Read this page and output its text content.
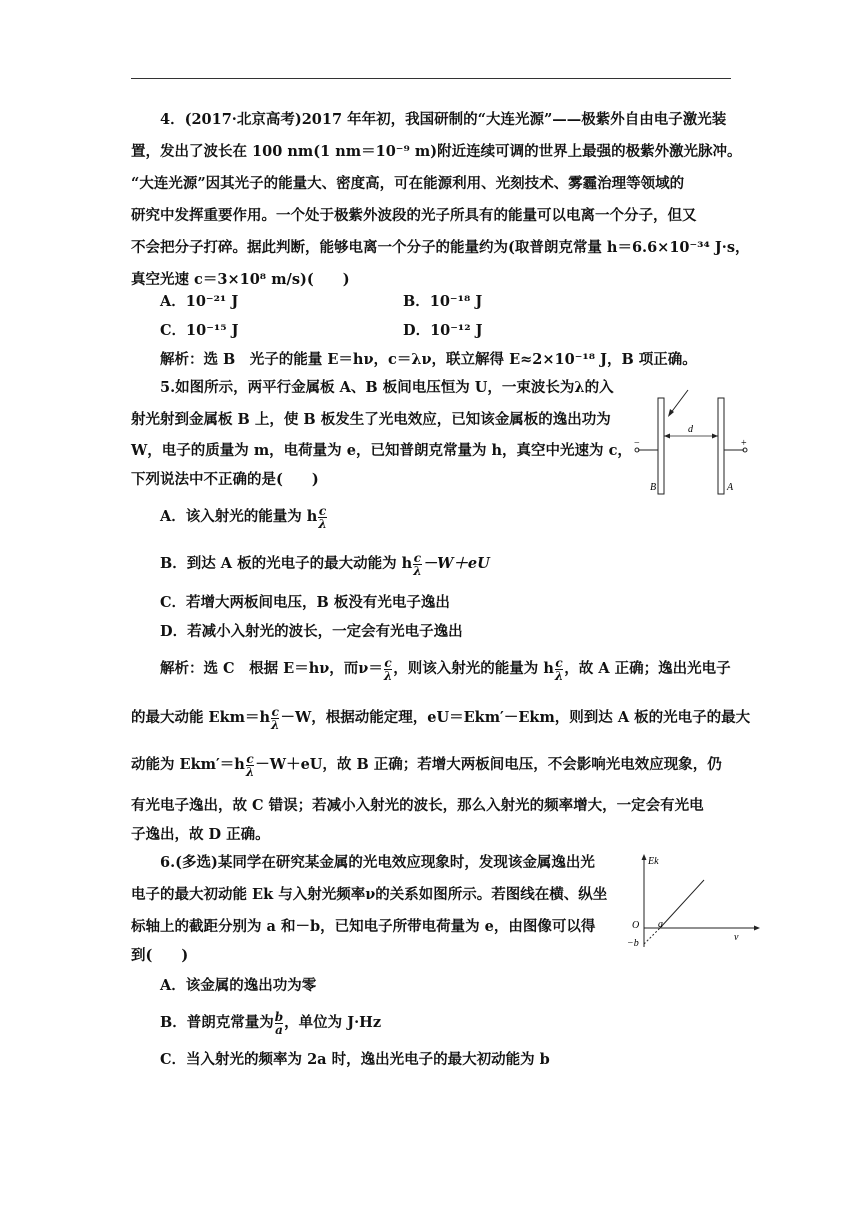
4．(2017·北京高考)2017 年年初，我国研制的“大连光源”——极紫外自由电子激光装
置，发出了波长在 100 nm(1 nm＝10⁻⁹ m)附近连续可调的世界上最强的极紫外激光脉冲。
“大连光源”因其光子的能量大、密度高，可在能源利用、光刻技术、雾霾治理等领域的
研究中发挥重要作用。一个处于极紫外波段的光子所具有的能量可以电离一个分子，但又
不会把分子打碎。据此判断，能够电离一个分子的能量约为(取普朗克常量 h＝6.6×10⁻³⁴ J·s，
真空光速 c＝3×10⁸ m/s)(　　)
A．10⁻²¹ J	B．10⁻¹⁸ J
C．10⁻¹⁵ J	D．10⁻¹² J
解析：选 B　光子的能量 E＝hν，c＝λν，联立解得 E≈2×10⁻¹⁸ J，B 项正确。
5.如图所示，两平行金属板 A、B 板间电压恒为 U，一束波长为λ的入
射光射到金属板 B 上，使 B 板发生了光电效应，已知该金属板的逸出功为
W，电子的质量为 m，电荷量为 e，已知普朗克常量为 h，真空中光速为 c，
下列说法中不正确的是(　　)
d
B	A
−	+
A．该入射光的能量为 h $\frac{c}{\lambda}$
B．到达 A 板的光电子的最大动能为 h $\frac{c}{\lambda} -W+eU$
C．若增大两板间电压，B 板没有光电子逸出
D．若减小入射光的波长，一定会有光电子逸出
解析：选 C　根据 E＝hν，而$\nu= \frac{c}{\lambda}$ ，则该入射光的能量为 h $\frac{c}{\lambda}$ ，故 A 正确；逸出光电子
的最大动能 $Ekm=h \frac{c}{\lambda} -W$，根据动能定理，eU＝Ekm′－Ekm，则到达 A 板的光电子的最大
动能为 $Ekm'=h \frac{c}{\lambda} -W+eU$，故 B 正确；若增大两板间电压，不会影响光电效应现象，仍
有光电子逸出，故 C 错误；若减小入射光的波长，那么入射光的频率增大，一定会有光电
子逸出，故 D 正确。
6.(多选)某同学在研究某金属的光电效应现象时，发现该金属逸出光
电子的最大初动能 Ek 与入射光频率ν的关系如图所示。若图线在横、纵坐
标轴上的截距分别为 a 和－b，已知电子所带电荷量为 e，由图像可以得
到(　　)
Ek
ν
O a
−b
A．该金属的逸出功为零
B．普朗克常量为 $\frac{b}{a}$ ，单位为 J·Hz
C．当入射光的频率为 2a 时，逸出光电子的最大初动能为 b
